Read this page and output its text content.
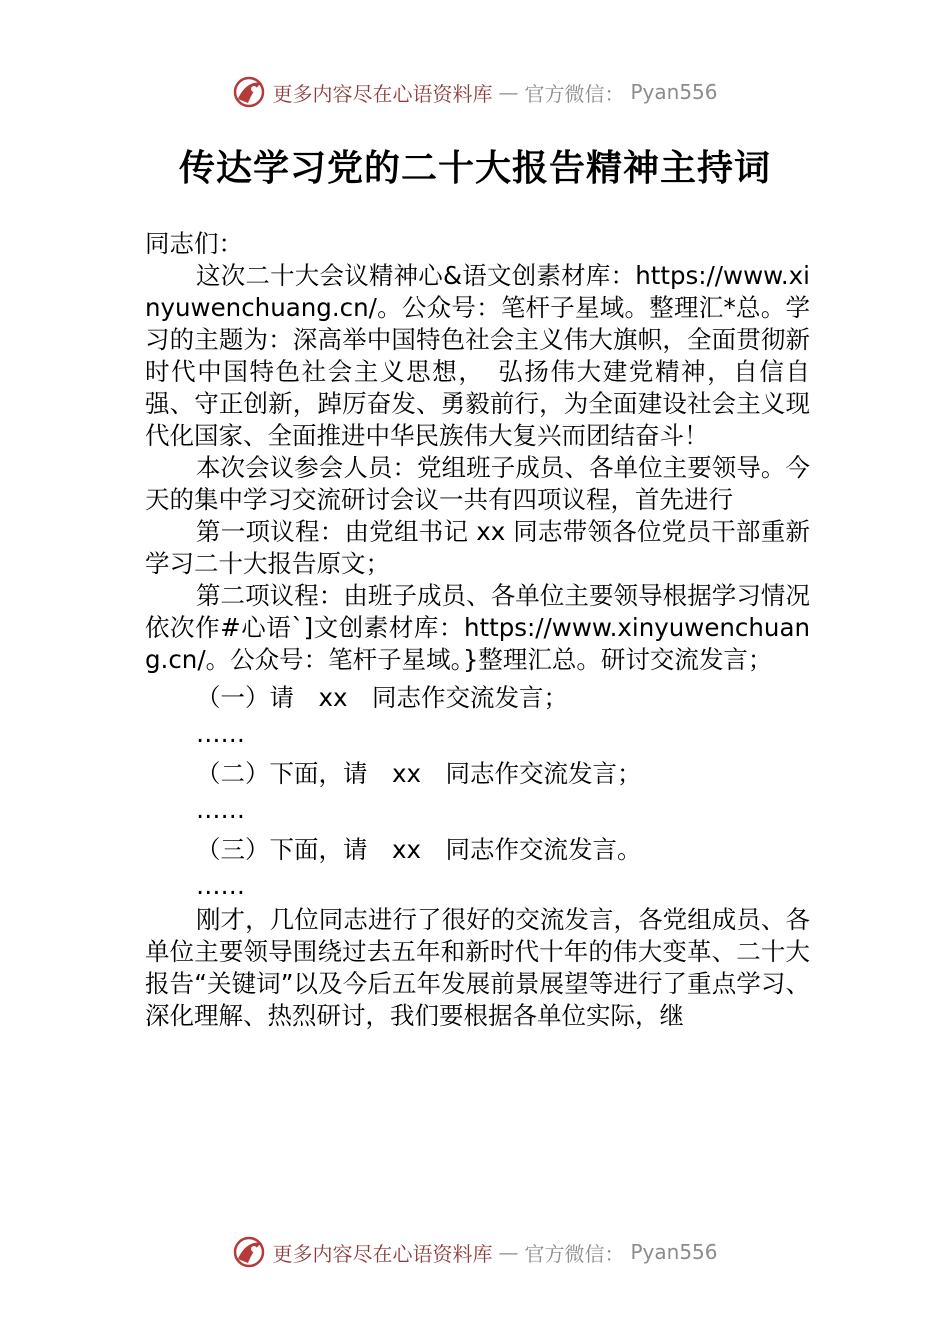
更多内容尽在心语资料库 — 官方微信： Pyan556
传达学习党的二十大报告精神主持词

同志们：

这次二十大会议精神心&语文创素材库：https://www.xinyuwenchuang.cn/。公众号：笔杆子星域。整理汇*总。学习的主题为：深高举中国特色社会主义伟大旗帜，全面贯彻新时代中国特色社会主义思想，　弘扬伟大建党精神，自信自强、守正创新，踔厉奋发、勇毅前行，为全面建设社会主义现代化国家、全面推进中华民族伟大复兴而团结奋斗！

本次会议参会人员：党组班子成员、各单位主要领导。今天的集中学习交流研讨会议一共有四项议程，首先进行

第一项议程：由党组书记 xx 同志带领各位党员干部重新学习二十大报告原文；

第二项议程：由班子成员、各单位主要领导根据学习情况依次作#心语`]文创素材库：https://www.xinyuwenchuang.cn/。公众号：笔杆子星域。}整理汇总。研讨交流发言；

（一）请　xx　同志作交流发言；

……

（二）下面，请　xx　同志作交流发言；

……

（三）下面，请　xx　同志作交流发言。

……

刚才，几位同志进行了很好的交流发言，各党组成员、各单位主要领导围绕过去五年和新时代十年的伟大变革、二十大报告“关键词”以及今后五年发展前景展望等进行了重点学习、深化理解、热烈研讨，我们要根据各单位实际，继

更多内容尽在心语资料库 — 官方微信： Pyan556
